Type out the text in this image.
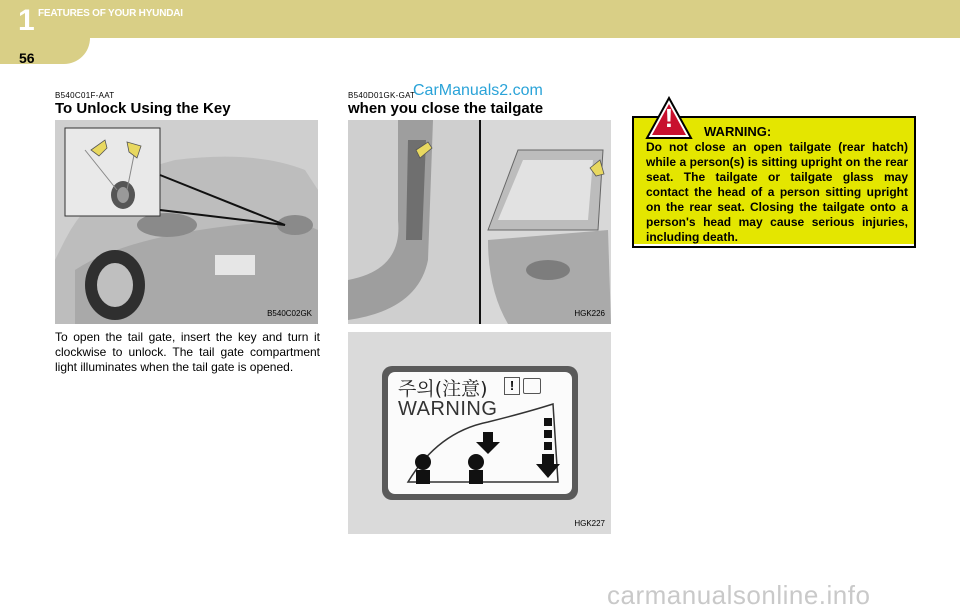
1 FEATURES OF YOUR HYUNDAI
56
B540C01F-AAT
To Unlock Using the Key
B540C02GK
To open the tail gate, insert the key and turn it clockwise to unlock. The tail gate compartment light illuminates when the tail gate is opened.
B540D01GK-GAT
when you close the tailgate
CarManuals2.com
HGK226
주의(注意)	!
WARNING
HGK227
WARNING:
Do not close an open tailgate (rear hatch) while a person(s) is sitting upright on the rear seat. The tailgate or tailgate glass may contact the head of a person sitting upright on the rear seat. Closing the tailgate onto a person's head may cause serious injuries, including death.
!
carmanualsonline.info
